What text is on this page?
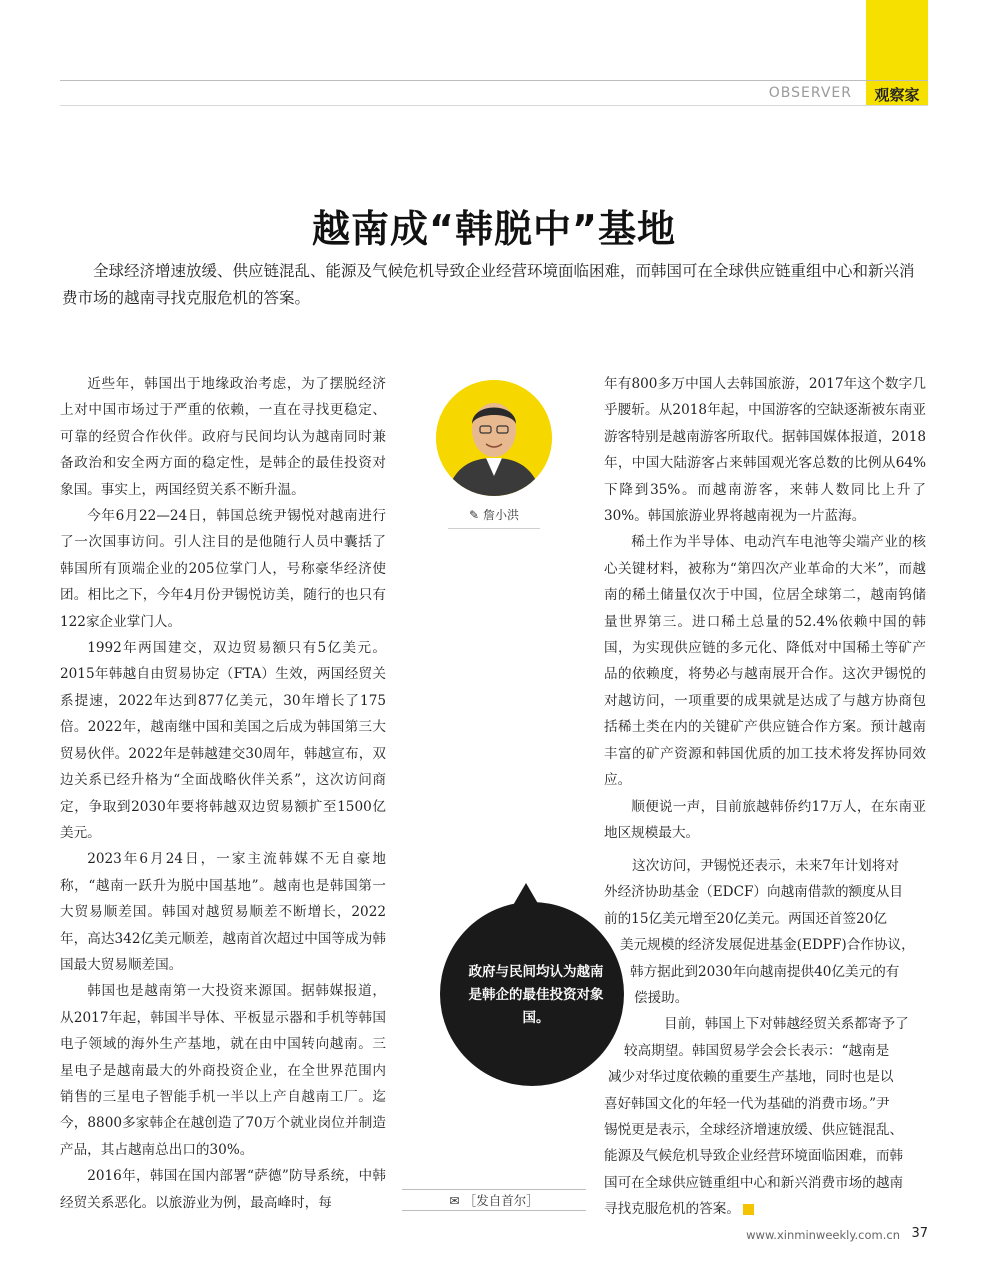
OBSERVER	观察家
越南成“韩脱中”基地
全球经济增速放缓、供应链混乱、能源及气候危机导致企业经营环境面临困难，而韩国可在全球供应链重组中心和新兴消费市场的越南寻找克服危机的答案。

近些年，韩国出于地缘政治考虑，为了摆脱经济上对中国市场过于严重的依赖，一直在寻找更稳定、可靠的经贸合作伙伴。政府与民间均认为越南同时兼备政治和安全两方面的稳定性，是韩企的最佳投资对象国。事实上，两国经贸关系不断升温。

今年6月22—24日，韩国总统尹锡悦对越南进行了一次国事访问。引人注目的是他随行人员中囊括了韩国所有顶端企业的205位掌门人，号称豪华经济使团。相比之下，今年4月份尹锡悦访美，随行的也只有122家企业掌门人。

1992年两国建交，双边贸易额只有5亿美元。2015年韩越自由贸易协定（FTA）生效，两国经贸关系提速，2022年达到877亿美元，30年增长了175倍。2022年，越南继中国和美国之后成为韩国第三大贸易伙伴。2022年是韩越建交30周年，韩越宣布，双边关系已经升格为“全面战略伙伴关系”，这次访问商定，争取到2030年要将韩越双边贸易额扩至1500亿美元。

2023年6月24日，一家主流韩媒不无自豪地称，“越南一跃升为脱中国基地”。越南也是韩国第一大贸易顺差国。韩国对越贸易顺差不断增长，2022年，高达342亿美元顺差，越南首次超过中国等成为韩国最大贸易顺差国。

韩国也是越南第一大投资来源国。据韩媒报道，从2017年起，韩国半导体、平板显示器和手机等韩国电子领域的海外生产基地，就在由中国转向越南。三星电子是越南最大的外商投资企业，在全世界范围内销售的三星电子智能手机一半以上产自越南工厂。迄今，8800多家韩企在越创造了70万个就业岗位并制造产品，其占越南总出口的30%。

2016年，韩国在国内部署“萨德”防导系统，中韩经贸关系恶化。以旅游业为例，最高峰时，每

✎ 詹小洪

年有800多万中国人去韩国旅游，2017年这个数字几乎腰斩。从2018年起，中国游客的空缺逐渐被东南亚游客特别是越南游客所取代。据韩国媒体报道，2018年，中国大陆游客占来韩国观光客总数的比例从64%下降到35%。而越南游客，来韩人数同比上升了30%。韩国旅游业界将越南视为一片蓝海。

稀土作为半导体、电动汽车电池等尖端产业的核心关键材料，被称为“第四次产业革命的大米”，而越南的稀土储量仅次于中国，位居全球第二，越南钨储量世界第三。进口稀土总量的52.4%依赖中国的韩国，为实现供应链的多元化、降低对中国稀土等矿产品的依赖度，将势必与越南展开合作。这次尹锡悦的对越访问，一项重要的成果就是达成了与越方协商包括稀土类在内的关键矿产供应链合作方案。预计越南丰富的矿产资源和韩国优质的加工技术将发挥协同效应。

顺便说一声，目前旅越韩侨约17万人，在东南亚地区规模最大。

这次访问，尹锡悦还表示，未来7年计划将对
外经济协助基金（EDCF）向越南借款的额度从目
前的15亿美元增至20亿美元。两国还首签20亿
美元规模的经济发展促进基金(EDPF)合作协议，
韩方据此到2030年向越南提供40亿美元的有
偿援助。
目前，韩国上下对韩越经贸关系都寄予了
较高期望。韩国贸易学会会长表示：“越南是
减少对华过度依赖的重要生产基地，同时也是以
喜好韩国文化的年轻一代为基础的消费市场。”尹
锡悦更是表示，全球经济增速放缓、供应链混乱、
能源及气候危机导致企业经营环境面临困难，而韩
国可在全球供应链重组中心和新兴消费市场的越南
寻找克服危机的答案。
政府与民间均认为越南是韩企的最佳投资对象国。
✉ ［发自首尔］
www.xinminweekly.com.cn 37
